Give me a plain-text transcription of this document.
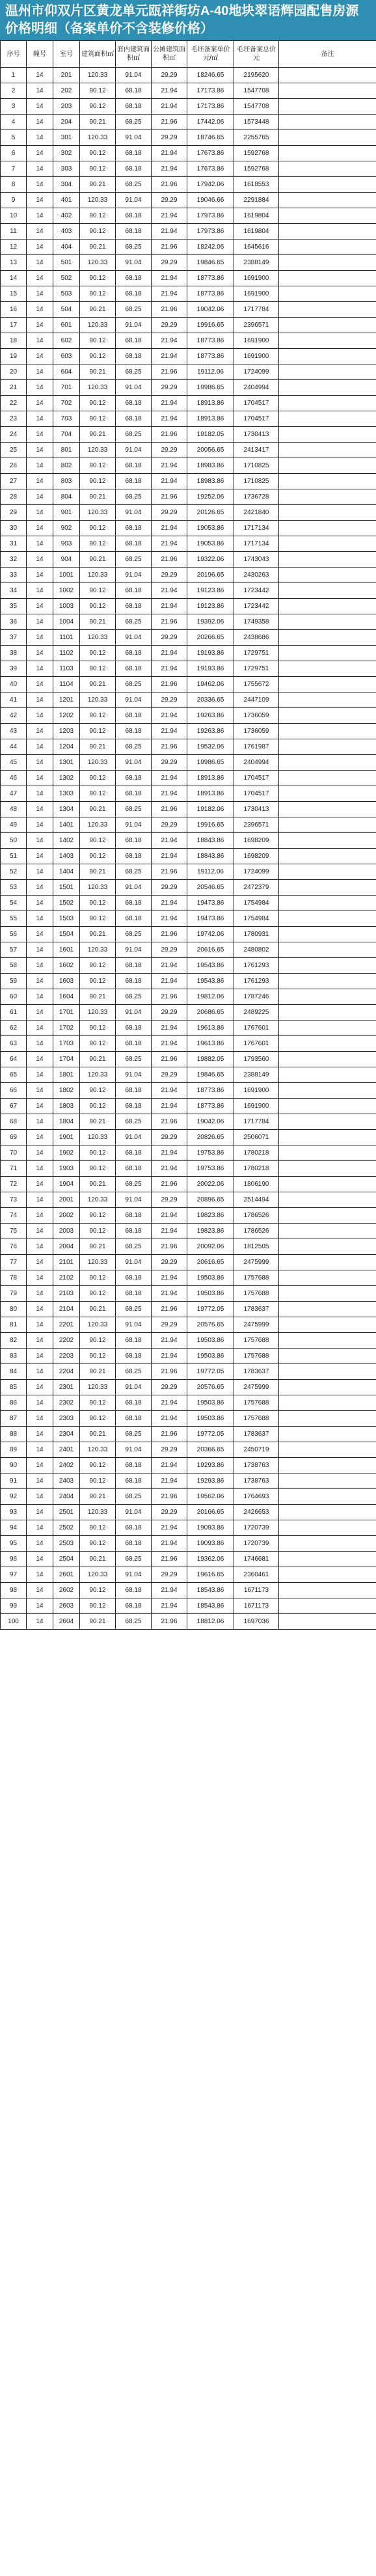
温州市仰双片区黄龙单元瓯祥街坊A-40地块翠语辉园配售房源价格明细（备案单价不含装修价格）
序号	幢号	室号	建筑面积㎡	套内建筑面积㎡	公摊建筑面积㎡	毛坯备案单价元/㎡	毛坯备案总价元	备注
1	14	201	120.33	91.04	29.29	18246.65	2195620	
2	14	202	90.12	68.18	21.94	17173.86	1547708	
3	14	203	90.12	68.18	21.94	17173.86	1547708	
4	14	204	90.21	68.25	21.96	17442.06	1573448	
5	14	301	120.33	91.04	29.29	18746.65	2255765	
6	14	302	90.12	68.18	21.94	17673.86	1592768	
7	14	303	90.12	68.18	21.94	17673.86	1592768	
8	14	304	90.21	68.25	21.96	17942.06	1618553	
9	14	401	120.33	91.04	29.29	19046.66	2291884	
10	14	402	90.12	68.18	21.94	17973.86	1619804	
11	14	403	90.12	68.18	21.94	17973.86	1619804	
12	14	404	90.21	68.25	21.96	18242.06	1645616	
13	14	501	120.33	91.04	29.29	19846.65	2388149	
14	14	502	90.12	68.18	21.94	18773.86	1691900	
15	14	503	90.12	68.18	21.94	18773.86	1691900	
16	14	504	90.21	68.25	21.96	19042.06	1717784	
17	14	601	120.33	91.04	29.29	19916.65	2396571	
18	14	602	90.12	68.18	21.94	18773.86	1691900	
19	14	603	90.12	68.18	21.94	18773.86	1691900	
20	14	604	90.21	68.25	21.96	19112.06	1724099	
21	14	701	120.33	91.04	29.29	19986.65	2404994	
22	14	702	90.12	68.18	21.94	18913.86	1704517	
23	14	703	90.12	68.18	21.94	18913.86	1704517	
24	14	704	90.21	68.25	21.96	19182.05	1730413	
25	14	801	120.33	91.04	29.29	20056.65	2413417	
26	14	802	90.12	68.18	21.94	18983.86	1710825	
27	14	803	90.12	68.18	21.94	18983.86	1710825	
28	14	804	90.21	68.25	21.96	19252.06	1736728	
29	14	901	120.33	91.04	29.29	20126.65	2421840	
30	14	902	90.12	68.18	21.94	19053.86	1717134	
31	14	903	90.12	68.18	21.94	19053.86	1717134	
32	14	904	90.21	68.25	21.96	19322.06	1743043	
33	14	1001	120.33	91.04	29.29	20196.65	2430263	
34	14	1002	90.12	68.18	21.94	19123.86	1723442	
35	14	1003	90.12	68.18	21.94	19123.86	1723442	
36	14	1004	90.21	68.25	21.96	19392.06	1749358	
37	14	1101	120.33	91.04	29.29	20266.65	2438686	
38	14	1102	90.12	68.18	21.94	19193.86	1729751	
39	14	1103	90.12	68.18	21.94	19193.86	1729751	
40	14	1104	90.21	68.25	21.96	19462.06	1755672	
41	14	1201	120.33	91.04	29.29	20336.65	2447109	
42	14	1202	90.12	68.18	21.94	19263.86	1736059	
43	14	1203	90.12	68.18	21.94	19263.86	1736059	
44	14	1204	90.21	68.25	21.96	19532.06	1761987	
45	14	1301	120.33	91.04	29.29	19986.65	2404994	
46	14	1302	90.12	68.18	21.94	18913.86	1704517	
47	14	1303	90.12	68.18	21.94	18913.86	1704517	
48	14	1304	90.21	68.25	21.96	19182.06	1730413	
49	14	1401	120.33	91.04	29.29	19916.65	2396571	
50	14	1402	90.12	68.18	21.94	18843.86	1698209	
51	14	1403	90.12	68.18	21.94	18843.86	1698209	
52	14	1404	90.21	68.25	21.96	19112.06	1724099	
53	14	1501	120.33	91.04	29.29	20546.65	2472379	
54	14	1502	90.12	68.18	21.94	19473.86	1754984	
55	14	1503	90.12	68.18	21.94	19473.86	1754984	
56	14	1504	90.21	68.25	21.96	19742.06	1780931	
57	14	1601	120.33	91.04	29.29	20616.65	2480802	
58	14	1602	90.12	68.18	21.94	19543.86	1761293	
59	14	1603	90.12	68.18	21.94	19543.86	1761293	
60	14	1604	90.21	68.25	21.96	19812.06	1787246	
61	14	1701	120.33	91.04	29.29	20686.65	2489225	
62	14	1702	90.12	68.18	21.94	19613.86	1767601	
63	14	1703	90.12	68.18	21.94	19613.86	1767601	
64	14	1704	90.21	68.25	21.96	19882.05	1793560	
65	14	1801	120.33	91.04	29.29	19846.65	2388149	
66	14	1802	90.12	68.18	21.94	18773.86	1691900	
67	14	1803	90.12	68.18	21.94	18773.86	1691900	
68	14	1804	90.21	68.25	21.96	19042.06	1717784	
69	14	1901	120.33	91.04	29.29	20826.65	2506071	
70	14	1902	90.12	68.18	21.94	19753.86	1780218	
71	14	1903	90.12	68.18	21.94	19753.86	1780218	
72	14	1904	90.21	68.25	21.96	20022.06	1806190	
73	14	2001	120.33	91.04	29.29	20896.65	2514494	
74	14	2002	90.12	68.18	21.94	19823.86	1786526	
75	14	2003	90.12	68.18	21.94	19823.86	1786526	
76	14	2004	90.21	68.25	21.96	20092.06	1812505	
77	14	2101	120.33	91.04	29.29	20616.65	2475999	
78	14	2102	90.12	68.18	21.94	19503.86	1757688	
79	14	2103	90.12	68.18	21.94	19503.86	1757688	
80	14	2104	90.21	68.25	21.96	19772.05	1783637	
81	14	2201	120.33	91.04	29.29	20576.65	2475999	
82	14	2202	90.12	68.18	21.94	19503.86	1757688	
83	14	2203	90.12	68.18	21.94	19503.86	1757688	
84	14	2204	90.21	68.25	21.96	19772.05	1783637	
85	14	2301	120.33	91.04	29.29	20576.65	2475999	
86	14	2302	90.12	68.18	21.94	19503.86	1757688	
87	14	2303	90.12	68.18	21.94	19503.86	1757688	
88	14	2304	90.21	68.25	21.96	19772.05	1783637	
89	14	2401	120.33	91.04	29.29	20366.65	2450719	
90	14	2402	90.12	68.18	21.94	19293.86	1738763	
91	14	2403	90.12	68.18	21.94	19293.86	1738763	
92	14	2404	90.21	68.25	21.96	19562.06	1764693	
93	14	2501	120.33	91.04	29.29	20166.65	2426653	
94	14	2502	90.12	68.18	21.94	19093.86	1720739	
95	14	2503	90.12	68.18	21.94	19093.86	1720739	
96	14	2504	90.21	68.25	21.96	19362.06	1746681	
97	14	2601	120.33	91.04	29.29	19616.65	2360461	
98	14	2602	90.12	68.18	21.94	18543.86	1671173	
99	14	2603	90.12	68.18	21.94	18543.86	1671173	
100	14	2604	90.21	68.25	21.96	18812.06	1697036	
